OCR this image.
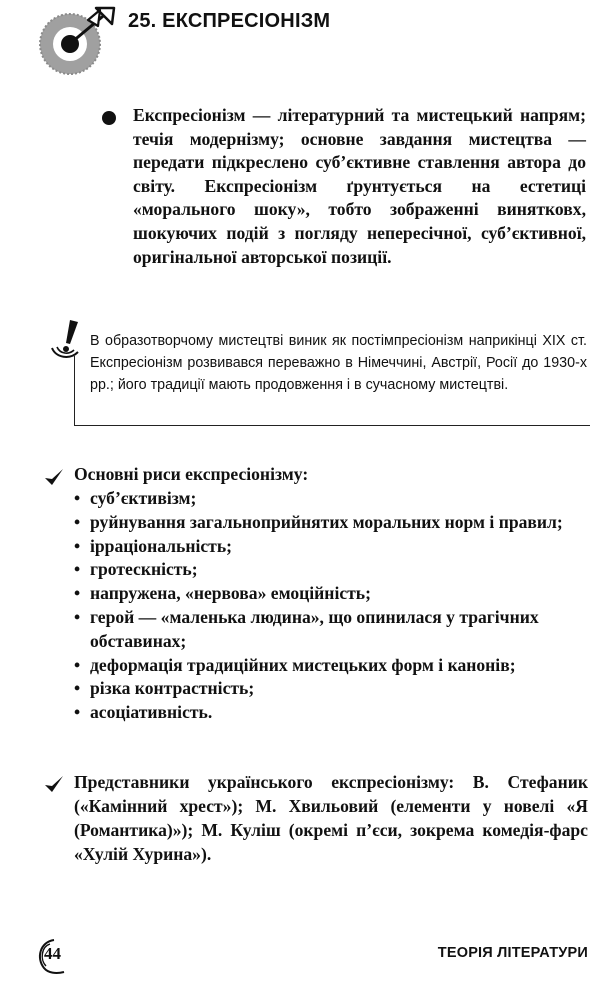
25. ЕКСПРЕСІОНІЗМ
Експресіонізм — літературний та мистецький напрям; течія модернізму; основне завдання мистецтва — передати підкреслено суб’єктивне ставлення автора до світу. Експресіонізм ґрунтується на естетиці «морального шоку», тобто зображенні винятковх, шокуючих подій з погляду непересічної, суб’єктивної, оригінальної авторської позиції.
В образотворчому мистецтві виник як постімпресіонізм наприкінці XIX ст. Експресіонізм розвивався переважно в Німеччині, Австрії, Росії до 1930-х рр.; його традиції мають продовження і в сучасному мистецтві.
Основні риси експресіонізму:
• суб’єктивізм;
• руйнування загальноприйнятих моральних норм і правил;
• ірраціональність;
• гротескність;
• напружена, «нервова» емоційність;
• герой — «маленька людина», що опинилася у трагічних обставинах;
• деформація традиційних мистецьких форм і канонів;
• різка контрастність;
• асоціативність.
Представники українського експресіонізму: В. Стефаник («Камінний хрест»); М. Хвильовий (елементи у новелі «Я (Романтика)»); М. Куліш (окремі п’єси, зокрема комедія-фарс «Хулій Хурина»).
44	ТЕОРІЯ ЛІТЕРАТУРИ
